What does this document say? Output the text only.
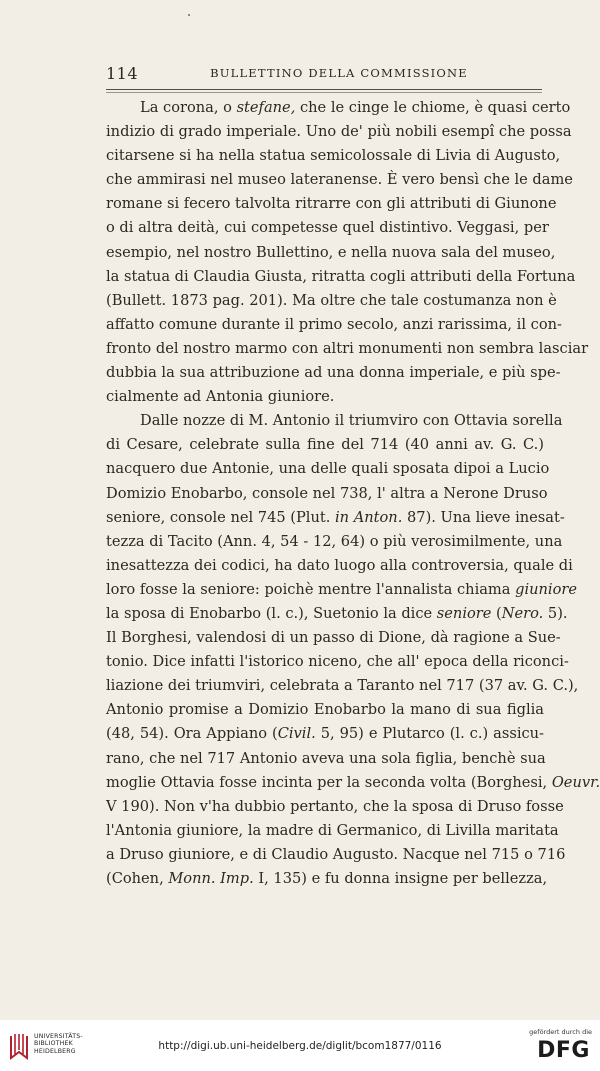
114	BULLETTINO DELLA COMMISSIONE
La corona, o stefane, che le cinge le chiome, è quasi certo
indizio di grado imperiale. Uno de' più nobili esempî che possa
citarsene si ha nella statua semicolossale di Livia di Augusto,
che ammirasi nel museo lateranense. È vero bensì che le dame
romane si fecero talvolta ritrarre con gli attributi di Giunone
o di altra deità, cui competesse quel distintivo. Veggasi, per
esempio, nel nostro Bullettino, e nella nuova sala del museo,
la statua di Claudia Giusta, ritratta cogli attributi della Fortuna
(Bullett. 1873 pag. 201). Ma oltre che tale costumanza non è
affatto comune durante il primo secolo, anzi rarissima, il con-
fronto del nostro marmo con altri monumenti non sembra lasciar
dubbia la sua attribuzione ad una donna imperiale, e più spe-
cialmente ad Antonia giuniore.
Dalle nozze di M. Antonio il triumviro con Ottavia sorella
di Cesare, celebrate sulla fine del 714 (40 anni av. G. C.)
nacquero due Antonie, una delle quali sposata dipoi a Lucio
Domizio Enobarbo, console nel 738, l' altra a Nerone Druso
seniore, console nel 745 (Plut. in Anton. 87). Una lieve inesat-
tezza di Tacito (Ann. 4, 54 - 12, 64) o più verosimilmente, una
inesattezza dei codici, ha dato luogo alla controversia, quale di
loro fosse la seniore: poichè mentre l'annalista chiama giuniore
la sposa di Enobarbo (l. c.), Suetonio la dice seniore (Nero. 5).
Il Borghesi, valendosi di un passo di Dione, dà ragione a Sue-
tonio. Dice infatti l'istorico niceno, che all' epoca della riconci-
liazione dei triumviri, celebrata a Taranto nel 717 (37 av. G. C.),
Antonio promise a Domizio Enobarbo la mano di sua figlia
(48, 54). Ora Appiano (Civil. 5, 95) e Plutarco (l. c.) assicu-
rano, che nel 717 Antonio aveva una sola figlia, benchè sua
moglie Ottavia fosse incinta per la seconda volta (Borghesi, Oeuvr.
V 190). Non v'ha dubbio pertanto, che la sposa di Druso fosse
l'Antonia giuniore, la madre di Germanico, di Livilla maritata
a Druso giuniore, e di Claudio Augusto. Nacque nel 715 o 716
(Cohen, Monn. Imp. I, 135) e fu donna insigne per bellezza,
UNIVERSITÄTS-
BIBLIOTHEK
HEIDELBERG	http://digi.ub.uni-heidelberg.de/diglit/bcom1877/0116
gefördert durch die
DFG
